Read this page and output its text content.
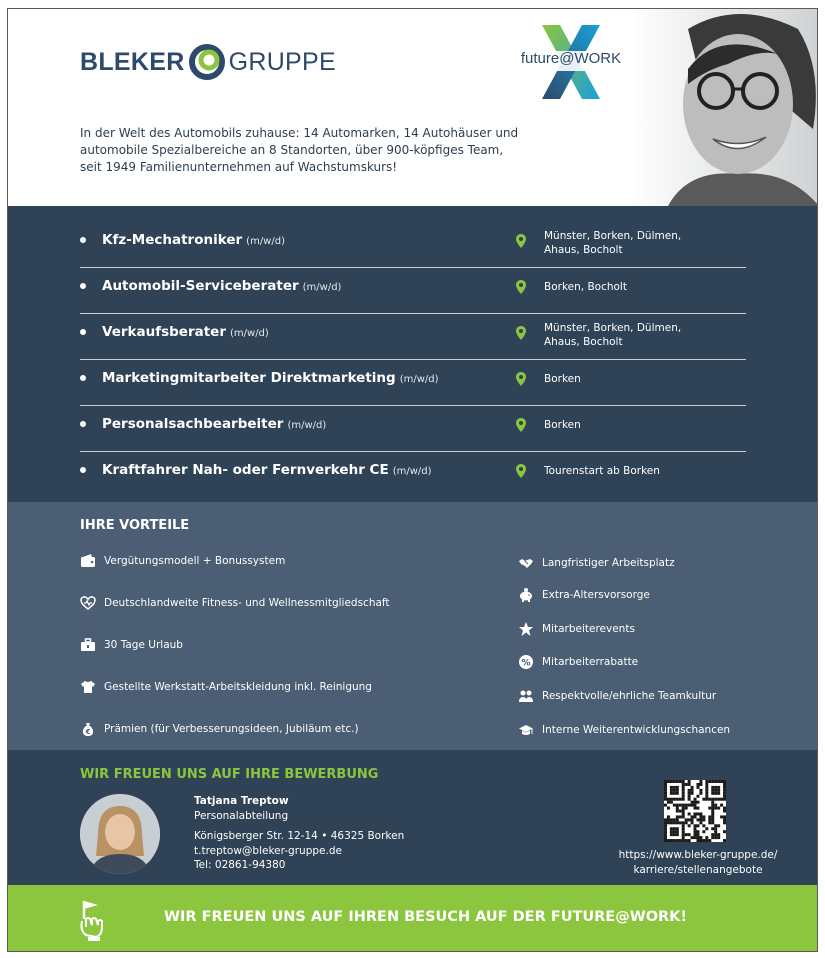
BLEKER GRUPPE	future@WORK
In der Welt des Automobils zuhause: 14 Automarken, 14 Autohäuser und
automobile Spezialbereiche an 8 Standorten, über 900-köpfiges Team,
seit 1949 Familienunternehmen auf Wachstumskurs!
Kfz-Mechatroniker (m/w/d)	Münster, Borken, Dülmen,
Ahaus, Bocholt
Automobil-Serviceberater (m/w/d)	Borken, Bocholt
Verkaufsberater (m/w/d)	Münster, Borken, Dülmen,
Ahaus, Bocholt
Marketingmitarbeiter Direktmarketing (m/w/d)	Borken
Personalsachbearbeiter (m/w/d)	Borken
Kraftfahrer Nah- oder Fernverkehr CE (m/w/d)	Tourenstart ab Borken
IHRE VORTEILE
Vergütungsmodell + Bonussystem
Deutschlandweite Fitness- und Wellnessmitgliedschaft
30 Tage Urlaub
Gestellte Werkstatt-Arbeitskleidung inkl. Reinigung
€ Prämien (für Verbesserungsideen, Jubiläum etc.)
Langfristiger Arbeitsplatz
Extra-Altersvorsorge
Mitarbeiterevents
% Mitarbeiterrabatte
Respektvolle/ehrliche Teamkultur
Interne Weiterentwicklungschancen
WIR FREUEN UNS AUF IHRE BEWERBUNG
Tatjana Treptow
Personalabteilung
Königsberger Str. 12-14 • 46325 Borken
t.treptow@bleker-gruppe.de
Tel: 02861-94380
https://www.bleker-gruppe.de/
karriere/stellenangebote
WIR FREUEN UNS AUF IHREN BESUCH AUF DER FUTURE@WORK!
